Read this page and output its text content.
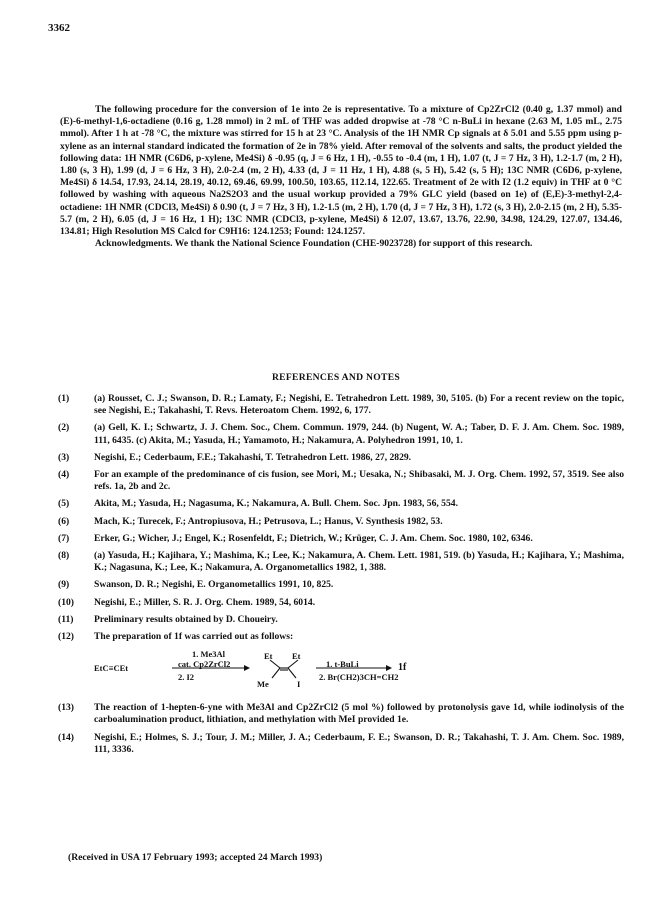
3362

The following procedure for the conversion of 1e into 2e is representative. To a mixture of Cp2ZrCl2 (0.40 g, 1.37 mmol) and (E)-6-methyl-1,6-octadiene (0.16 g, 1.28 mmol) in 2 mL of THF was added dropwise at -78 °C n-BuLi in hexane (2.63 M, 1.05 mL, 2.75 mmol). After 1 h at -78 °C, the mixture was stirred for 15 h at 23 °C. Analysis of the 1H NMR Cp signals at δ 5.01 and 5.55 ppm using p-xylene as an internal standard indicated the formation of 2e in 78% yield. After removal of the solvents and salts, the product yielded the following data: 1H NMR (C6D6, p-xylene, Me4Si) δ -0.95 (q, J = 6 Hz, 1 H), -0.55 to -0.4 (m, 1 H), 1.07 (t, J = 7 Hz, 3 H), 1.2-1.7 (m, 2 H), 1.80 (s, 3 H), 1.99 (d, J = 6 Hz, 3 H), 2.0-2.4 (m, 2 H), 4.33 (d, J = 11 Hz, 1 H), 4.88 (s, 5 H), 5.42 (s, 5 H); 13C NMR (C6D6, p-xylene, Me4Si) δ 14.54, 17.93, 24.14, 28.19, 40.12, 69.46, 69.99, 100.50, 103.65, 112.14, 122.65. Treatment of 2e with I2 (1.2 equiv) in THF at 0 °C followed by washing with aqueous Na2S2O3 and the usual workup provided a 79% GLC yield (based on 1e) of (E,E)-3-methyl-2,4-octadiene: 1H NMR (CDCl3, Me4Si) δ 0.90 (t, J = 7 Hz, 3 H), 1.2-1.5 (m, 2 H), 1.70 (d, J = 7 Hz, 3 H), 1.72 (s, 3 H), 2.0-2.15 (m, 2 H), 5.35-5.7 (m, 2 H), 6.05 (d, J = 16 Hz, 1 H); 13C NMR (CDCl3, p-xylene, Me4Si) δ 12.07, 13.67, 13.76, 22.90, 34.98, 124.29, 127.07, 134.46, 134.81; High Resolution MS Calcd for C9H16: 124.1253; Found: 124.1257.

Acknowledgments. We thank the National Science Foundation (CHE-9023728) for support of this research.

REFERENCES AND NOTES
(1)	(a) Rousset, C. J.; Swanson, D. R.; Lamaty, F.; Negishi, E. Tetrahedron Lett. 1989, 30, 5105. (b) For a recent review on the topic, see Negishi, E.; Takahashi, T. Revs. Heteroatom Chem. 1992, 6, 177.
(2)	(a) Gell, K. I.; Schwartz, J. J. Chem. Soc., Chem. Commun. 1979, 244. (b) Nugent, W. A.; Taber, D. F. J. Am. Chem. Soc. 1989, 111, 6435. (c) Akita, M.; Yasuda, H.; Yamamoto, H.; Nakamura, A. Polyhedron 1991, 10, 1.
(3)	Negishi, E.; Cederbaum, F.E.; Takahashi, T. Tetrahedron Lett. 1986, 27, 2829.
(4)	For an example of the predominance of cis fusion, see Mori, M.; Uesaka, N.; Shibasaki, M. J. Org. Chem. 1992, 57, 3519. See also refs. 1a, 2b and 2c.
(5)	Akita, M.; Yasuda, H.; Nagasuma, K.; Nakamura, A. Bull. Chem. Soc. Jpn. 1983, 56, 554.
(6)	Mach, K.; Turecek, F.; Antropiusova, H.; Petrusova, L.; Hanus, V. Synthesis 1982, 53.
(7)	Erker, G.; Wicher, J.; Engel, K.; Rosenfeldt, F.; Dietrich, W.; Krüger, C. J. Am. Chem. Soc. 1980, 102, 6346.
(8)	(a) Yasuda, H.; Kajihara, Y.; Mashima, K.; Lee, K.; Nakamura, A. Chem. Lett. 1981, 519. (b) Yasuda, H.; Kajihara, Y.; Mashima, K.; Nagasuna, K.; Lee, K.; Nakamura, A. Organometallics 1982, 1, 388.
(9)	Swanson, D. R.; Negishi, E. Organometallics 1991, 10, 825.
(10)	Negishi, E.; Miller, S. R. J. Org. Chem. 1989, 54, 6014.
(11)	Preliminary results obtained by D. Choueiry.
(12)	The preparation of 1f was carried out as follows:
EtC≡CEt
1. Me3Al
cat. Cp2ZrCl2
2. I2
Et Et
Me	I
1. t-BuLi
2. Br(CH2)3CH=CH2
1f
(13)	The reaction of 1-hepten-6-yne with Me3Al and Cp2ZrCl2 (5 mol %) followed by protonolysis gave 1d, while iodinolysis of the carboalumination product, lithiation, and methylation with MeI provided 1e.
(14)	Negishi, E.; Holmes, S. J.; Tour, J. M.; Miller, J. A.; Cederbaum, F. E.; Swanson, D. R.; Takahashi, T. J. Am. Chem. Soc. 1989, 111, 3336.
(Received in USA 17 February 1993; accepted 24 March 1993)
